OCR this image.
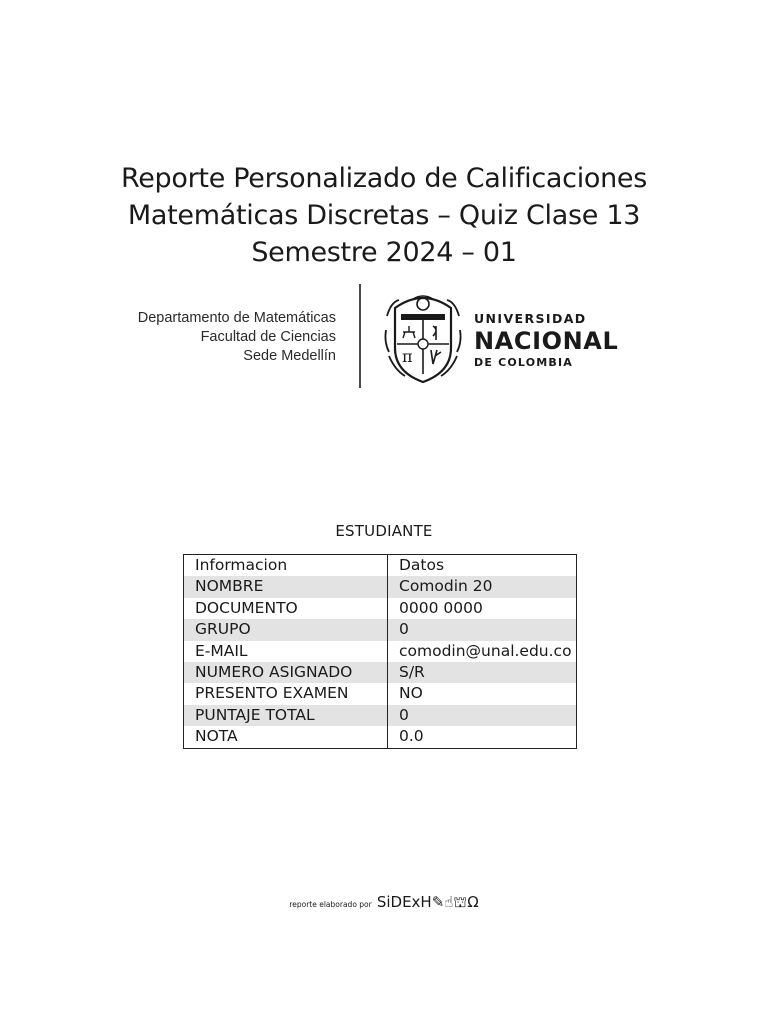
Reporte Personalizado de Calificaciones
Matemáticas Discretas – Quiz Clase 13
Semestre 2024 – 01
Departamento de Matemáticas
Facultad de Ciencias
Sede Medellín	π
UNIVERSIDAD
NACIONAL
DE COLOMBIA
ESTUDIANTE
Informacion	Datos
NOMBRE	Comodin 20
DOCUMENTO	0000 0000
GRUPO	0
E-MAIL	comodin@unal.edu.co
NUMERO ASIGNADO	S/R
PRESENTO EXAMEN	NO
PUNTAJE TOTAL	0
NOTA	0.0
reporte elaborado por SiDExH✎☝⛫Ω
